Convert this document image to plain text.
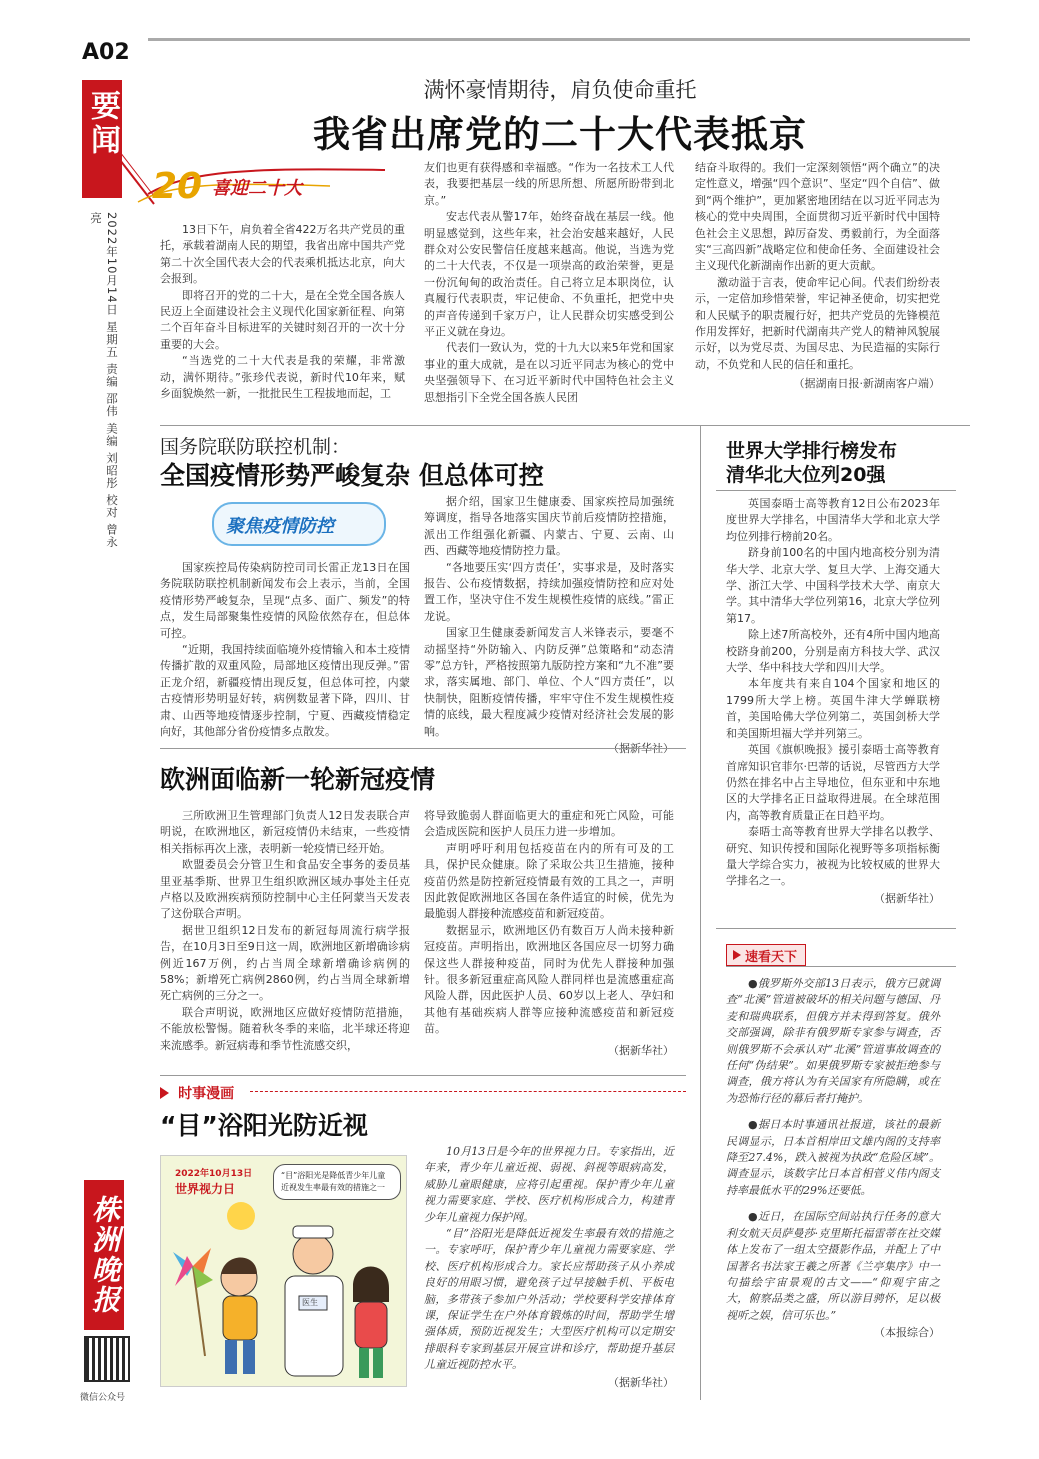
A02
要闻
2022年10月14日 星期五 责编 邵伟 美编 刘昭彤 校对 曾永亮
株洲晚报
微信公众号
满怀豪情期待，肩负使命重托
我省出席党的二十大代表抵京
20 喜迎二十大

13日下午，肩负着全省422万名共产党员的重托，承载着湖南人民的期望，我省出席中国共产党第二十次全国代表大会的代表乘机抵达北京，向大会报到。

即将召开的党的二十大，是在全党全国各族人民迈上全面建设社会主义现代化国家新征程、向第二个百年奋斗目标进军的关键时刻召开的一次十分重要的大会。

“当选党的二十大代表是我的荣耀，非常激动，满怀期待。”张珍代表说，新时代10年来，赋乡面貌焕然一新，一批批民生工程拔地而起，工

友们也更有获得感和幸福感。“作为一名技术工人代表，我要把基层一线的所思所想、所愿所盼带到北京。”

安志代表从警17年，始终奋战在基层一线。他明显感觉到，这些年来，社会治安越来越好，人民群众对公安民警信任度越来越高。他说，当选为党的二十大代表，不仅是一项崇高的政治荣誉，更是一份沉甸甸的政治责任。自己将立足本职岗位，认真履行代表职责，牢记使命、不负重托，把党中央的声音传递到千家万户，让人民群众切实感受到公平正义就在身边。

代表们一致认为，党的十九大以来5年党和国家事业的重大成就，是在以习近平同志为核心的党中央坚强领导下、在习近平新时代中国特色社会主义思想指引下全党全国各族人民团

结奋斗取得的。我们一定深刻领悟“两个确立”的决定性意义，增强“四个意识”、坚定“四个自信”、做到“两个维护”，更加紧密地团结在以习近平同志为核心的党中央周围，全面贯彻习近平新时代中国特色社会主义思想，踔厉奋发、勇毅前行，为全面落实“三高四新”战略定位和使命任务、全面建设社会主义现代化新湖南作出新的更大贡献。

激动溢于言表，使命牢记心间。代表们纷纷表示，一定倍加珍惜荣誉，牢记神圣使命，切实把党和人民赋予的职责履行好，把共产党员的先锋模范作用发挥好，把新时代湖南共产党人的精神风貌展示好，以为党尽责、为国尽忠、为民造福的实际行动，不负党和人民的信任和重托。

（据湖南日报·新湖南客户端）
国务院联防联控机制：
全国疫情形势严峻复杂 但总体可控
聚焦疫情防控

国家疾控局传染病防控司司长雷正龙13日在国务院联防联控机制新闻发布会上表示，当前，全国疫情形势严峻复杂，呈现“点多、面广、频发”的特点，发生局部聚集性疫情的风险依然存在，但总体可控。

“近期，我国持续面临境外疫情输入和本土疫情传播扩散的双重风险，局部地区疫情出现反弹。”雷正龙介绍，新疆疫情出现反复，但总体可控，内蒙古疫情形势明显好转，病例数显著下降，四川、甘肃、山西等地疫情逐步控制，宁夏、西藏疫情稳定向好，其他部分省份疫情多点散发。

据介绍，国家卫生健康委、国家疾控局加强统筹调度，指导各地落实国庆节前后疫情防控措施，派出工作组强化新疆、内蒙古、宁夏、云南、山西、西藏等地疫情防控力量。

“各地要压实‘四方责任’，实事求是，及时落实报告、公布疫情数据，持续加强疫情防控和应对处置工作，坚决守住不发生规模性疫情的底线。”雷正龙说。

国家卫生健康委新闻发言人米锋表示，要毫不动摇坚持“外防输入、内防反弹”总策略和“动态清零”总方针，严格按照第九版防控方案和“九不准”要求，落实属地、部门、单位、个人“四方责任”，以快制快，阻断疫情传播，牢牢守住不发生规模性疫情的底线，最大程度减少疫情对经济社会发展的影响。

（据新华社）
欧洲面临新一轮新冠疫情

三所欧洲卫生管理部门负责人12日发表联合声明说，在欧洲地区，新冠疫情仍未结束，一些疫情相关指标再次上涨，表明新一轮疫情已经开始。

欧盟委员会分管卫生和食品安全事务的委员基里亚基季斯、世界卫生组织欧洲区域办事处主任克卢格以及欧洲疾病预防控制中心主任阿蒙当天发表了这份联合声明。

据世卫组织12日发布的新冠每周流行病学报告，在10月3日至9日这一周，欧洲地区新增确诊病例近167万例，约占当周全球新增确诊病例的58%；新增死亡病例2860例，约占当周全球新增死亡病例的三分之一。

联合声明说，欧洲地区应做好疫情防范措施，不能放松警惕。随着秋冬季的来临，北半球还将迎来流感季。新冠病毒和季节性流感交织，

将导致脆弱人群面临更大的重症和死亡风险，可能会造成医院和医护人员压力进一步增加。

声明呼吁利用包括疫苗在内的所有可及的工具，保护民众健康。除了采取公共卫生措施，接种疫苗仍然是防控新冠疫情最有效的工具之一，声明因此敦促欧洲地区各国在条件适宜的时候，优先为最脆弱人群接种流感疫苗和新冠疫苗。

数据显示，欧洲地区仍有数百万人尚未接种新冠疫苗。声明指出，欧洲地区各国应尽一切努力确保这些人群接种疫苗，同时为优先人群接种加强针。很多新冠重症高风险人群同样也是流感重症高风险人群，因此医护人员、60岁以上老人、孕妇和其他有基础疾病人群等应接种流感疫苗和新冠疫苗。

（据新华社）
时事漫画
“目”浴阳光防近视
2022年10月13日
世界视力日
“目”浴阳光是降低青少年儿童近视发生率最有效的措施之一
医生

10月13日是今年的世界视力日。专家指出，近年来，青少年儿童近视、弱视、斜视等眼病高发，威胁儿童眼健康，应将引起重视。保护青少年儿童视力需要家庭、学校、医疗机构形成合力，构建青少年儿童视力保护网。

“目”浴阳光是降低近视发生率最有效的措施之一。专家呼吁，保护青少年儿童视力需要家庭、学校、医疗机构形成合力。家长应帮助孩子从小养成良好的用眼习惯，避免孩子过早接触手机、平板电脑，多带孩子参加户外活动；学校要科学安排体育课，保证学生在户外体育锻炼的时间，帮助学生增强体质，预防近视发生；大型医疗机构可以定期安排眼科专家到基层开展宣讲和诊疗，帮助提升基层儿童近视防控水平。

（据新华社）
世界大学排行榜发布
清华北大位列20强

英国泰晤士高等教育12日公布2023年度世界大学排名，中国清华大学和北京大学均位列排行榜前20名。

跻身前100名的中国内地高校分别为清华大学、北京大学、复旦大学、上海交通大学、浙江大学、中国科学技术大学、南京大学。其中清华大学位列第16，北京大学位列第17。

除上述7所高校外，还有4所中国内地高校跻身前200，分别是南方科技大学、武汉大学、华中科技大学和四川大学。

本年度共有来自104个国家和地区的1799所大学上榜。英国牛津大学蝉联榜首，美国哈佛大学位列第二，英国剑桥大学和美国斯坦福大学并列第三。

英国《旗帜晚报》援引泰晤士高等教育首席知识官菲尔·巴蒂的话说，尽管西方大学仍然在排名中占主导地位，但东亚和中东地区的大学排名正日益取得进展。在全球范围内，高等教育质量正在日趋平均。

泰晤士高等教育世界大学排名以教学、研究、知识传授和国际化视野等多项指标衡量大学综合实力，被视为比较权威的世界大学排名之一。

（据新华社）
速看天下

●俄罗斯外交部13日表示，俄方已就调查“北溪”管道被破坏的相关问题与德国、丹麦和瑞典联系，但俄方并未得到答复。俄外交部强调，除非有俄罗斯专家参与调查，否则俄罗斯不会承认对“北溪”管道事故调查的任何“伪结果”。如果俄罗斯专家被拒绝参与调查，俄方将认为有关国家有所隐瞒，或在为恐怖行径的幕后者打掩护。

●据日本时事通讯社报道，该社的最新民调显示，日本首相岸田文雄内阁的支持率降至27.4%，跌入被视为执政“危险区域”。调查显示，该数字比日本首相菅义伟内阁支持率最低水平的29%还要低。

●近日，在国际空间站执行任务的意大利女航天员萨曼莎·克里斯托福雷蒂在社交媒体上发布了一组太空摄影作品，并配上了中国著名书法家王羲之所著《兰亭集序》中一句描绘宇宙景观的古文——“仰观宇宙之大，俯察品类之盛，所以游目骋怀，足以极视听之娱，信可乐也。”

（本报综合）
